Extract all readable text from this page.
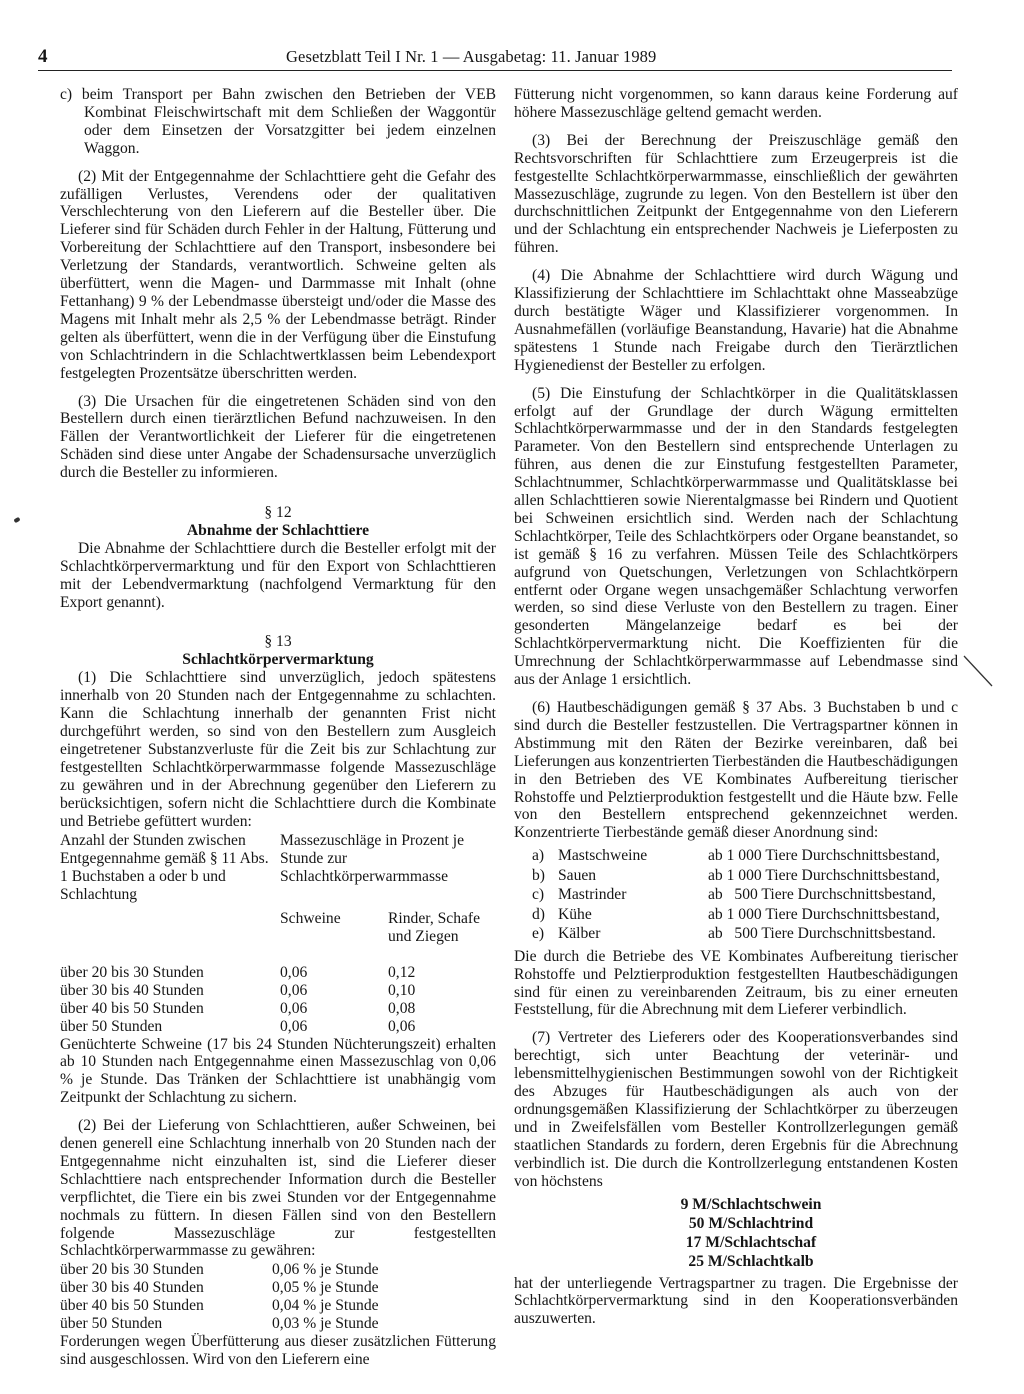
4	Gesetzblatt Teil I Nr. 1 — Ausgabetag: 11. Januar 1989

c) beim Transport per Bahn zwischen den Betrieben der VEB Kombinat Fleischwirtschaft mit dem Schließen der Waggontür oder dem Einsetzen der Vorsatzgitter bei jedem einzelnen Waggon.

(2) Mit der Entgegennahme der Schlachttiere geht die Gefahr des zufälligen Verlustes, Verendens oder der qualitativen Verschlechterung von den Lieferern auf die Besteller über. Die Lieferer sind für Schäden durch Fehler in der Haltung, Fütterung und Vorbereitung der Schlachttiere auf den Transport, insbesondere bei Verletzung der Standards, verantwortlich. Schweine gelten als überfüttert, wenn die Magen- und Darmmasse mit Inhalt (ohne Fettanhang) 9 % der Lebendmasse übersteigt und/oder die Masse des Magens mit Inhalt mehr als 2,5 % der Lebendmasse beträgt. Rinder gelten als überfüttert, wenn die in der Verfügung über die Einstufung von Schlachtrindern in die Schlachtwertklassen beim Lebendexport festgelegten Prozentsätze überschritten werden.

(3) Die Ursachen für die eingetretenen Schäden sind von den Bestellern durch einen tierärztlichen Befund nachzuweisen. In den Fällen der Verantwortlichkeit der Lieferer für die eingetretenen Schäden sind diese unter Angabe der Schadensursache unverzüglich durch die Besteller zu informieren.

§ 12

Abnahme der Schlachttiere

Die Abnahme der Schlachttiere durch die Besteller erfolgt mit der Schlachtkörpervermarktung und für den Export von Schlachttieren mit der Lebendvermarktung (nachfolgend Vermarktung für den Export genannt).

§ 13

Schlachtkörpervermarktung

(1) Die Schlachttiere sind unverzüglich, jedoch spätestens innerhalb von 20 Stunden nach der Entgegennahme zu schlachten. Kann die Schlachtung innerhalb der genannten Frist nicht durchgeführt werden, so sind von den Bestellern zum Ausgleich eingetretener Substanzverluste für die Zeit bis zur Schlachtung zur festgestellten Schlachtkörperwarmmasse folgende Massezuschläge zu gewähren und in der Abrechnung gegenüber den Lieferern zu berücksichtigen, sofern nicht die Schlachttiere durch die Kombinate und Betriebe gefüttert wurden:

Anzahl der Stunden zwischen Entgegennahme gemäß § 11 Abs. 1 Buchstaben a oder b und Schlachtung
Massezuschläge in Prozent je Stunde zur Schlachtkörperwarmmasse
Schweine	Rinder, Schafe und Ziegen
über 20 bis 30 Stunden	0,06	0,12
über 30 bis 40 Stunden	0,06	0,10
über 40 bis 50 Stunden	0,06	0,08
über 50 Stunden	0,06	0,06

Genüchterte Schweine (17 bis 24 Stunden Nüchterungszeit) erhalten ab 10 Stunden nach Entgegennahme einen Massezuschlag von 0,06 % je Stunde. Das Tränken der Schlachttiere ist unabhängig vom Zeitpunkt der Schlachtung zu sichern.

(2) Bei der Lieferung von Schlachttieren, außer Schweinen, bei denen generell eine Schlachtung innerhalb von 20 Stunden nach der Entgegennahme nicht einzuhalten ist, sind die Lieferer dieser Schlachttiere nach entsprechender Information durch die Besteller verpflichtet, die Tiere ein bis zwei Stunden vor der Entgegennahme nochmals zu füttern. In diesen Fällen sind von den Bestellern folgende Massezuschläge zur festgestellten Schlachtkörperwarmmasse zu gewähren:

über 20 bis 30 Stunden	0,06 % je Stunde
über 30 bis 40 Stunden	0,05 % je Stunde
über 40 bis 50 Stunden	0,04 % je Stunde
über 50 Stunden	0,03 % je Stunde

Forderungen wegen Überfütterung aus dieser zusätzlichen Fütterung sind ausgeschlossen. Wird von den Lieferern eine

Fütterung nicht vorgenommen, so kann daraus keine Forderung auf höhere Massezuschläge geltend gemacht werden.

(3) Bei der Berechnung der Preiszuschläge gemäß den Rechtsvorschriften für Schlachttiere zum Erzeugerpreis ist die festgestellte Schlachtkörperwarmmasse, einschließlich der gewährten Massezuschläge, zugrunde zu legen. Von den Bestellern ist über den durchschnittlichen Zeitpunkt der Entgegennahme von den Lieferern und der Schlachtung ein entsprechender Nachweis je Lieferposten zu führen.

(4) Die Abnahme der Schlachttiere wird durch Wägung und Klassifizierung der Schlachttiere im Schlachttakt ohne Masseabzüge durch bestätigte Wäger und Klassifizierer vorgenommen. In Ausnahmefällen (vorläufige Beanstandung, Havarie) hat die Abnahme spätestens 1 Stunde nach Freigabe durch den Tierärztlichen Hygienedienst der Besteller zu erfolgen.

(5) Die Einstufung der Schlachtkörper in die Qualitätsklassen erfolgt auf der Grundlage der durch Wägung ermittelten Schlachtkörperwarmmasse und der in den Standards festgelegten Parameter. Von den Bestellern sind entsprechende Unterlagen zu führen, aus denen die zur Einstufung festgestellten Parameter, Schlachtnummer, Schlachtkörperwarmmasse und Qualitätsklasse bei allen Schlachttieren sowie Nierentalgmasse bei Rindern und Quotient bei Schweinen ersichtlich sind. Werden nach der Schlachtung Schlachtkörper, Teile des Schlachtkörpers oder Organe beanstandet, so ist gemäß § 16 zu verfahren. Müssen Teile des Schlachtkörpers aufgrund von Quetschungen, Verletzungen von Schlachtkörpern entfernt oder Organe wegen unsachgemäßer Schlachtung verworfen werden, so sind diese Verluste von den Bestellern zu tragen. Einer gesonderten Mängelanzeige bedarf es bei der Schlachtkörpervermarktung nicht. Die Koeffizienten für die Umrechnung der Schlachtkörperwarmmasse auf Lebendmasse sind aus der Anlage 1 ersichtlich.

(6) Hautbeschädigungen gemäß § 37 Abs. 3 Buchstaben b und c sind durch die Besteller festzustellen. Die Vertragspartner können in Abstimmung mit den Räten der Bezirke vereinbaren, daß bei Lieferungen aus konzentrierten Tierbeständen die Hautbeschädigungen in den Betrieben des VE Kombinates Aufbereitung tierischer Rohstoffe und Pelztierproduktion festgestellt und die Häute bzw. Felle von den Bestellern entsprechend gekennzeichnet werden. Konzentrierte Tierbestände gemäß dieser Anordnung sind:

a) Mastschweine	ab 1 000 Tiere Durchschnittsbestand,
b) Sauen	ab 1 000 Tiere Durchschnittsbestand,
c) Mastrinder	ab   500 Tiere Durchschnittsbestand,
d) Kühe	ab 1 000 Tiere Durchschnittsbestand,
e) Kälber	ab   500 Tiere Durchschnittsbestand.

Die durch die Betriebe des VE Kombinates Aufbereitung tierischer Rohstoffe und Pelztierproduktion festgestellten Hautbeschädigungen sind für einen zu vereinbarenden Zeitraum, bis zu einer erneuten Feststellung, für die Abrechnung mit dem Lieferer verbindlich.

(7) Vertreter des Lieferers oder des Kooperationsverbandes sind berechtigt, sich unter Beachtung der veterinär- und lebensmittelhygienischen Bestimmungen sowohl von der Richtigkeit des Abzuges für Hautbeschädigungen als auch von der ordnungsgemäßen Klassifizierung der Schlachtkörper zu überzeugen und in Zweifelsfällen vom Besteller Kontrollzerlegungen gemäß staatlichen Standards zu fordern, deren Ergebnis für die Abrechnung verbindlich ist. Die durch die Kontrollzerlegung entstandenen Kosten von höchstens

9 M/Schlachtschwein
50 M/Schlachtrind
17 M/Schlachtschaf
25 M/Schlachtkalb

hat der unterliegende Vertragspartner zu tragen. Die Ergebnisse der Schlachtkörpervermarktung sind in den Kooperationsverbänden auszuwerten.
